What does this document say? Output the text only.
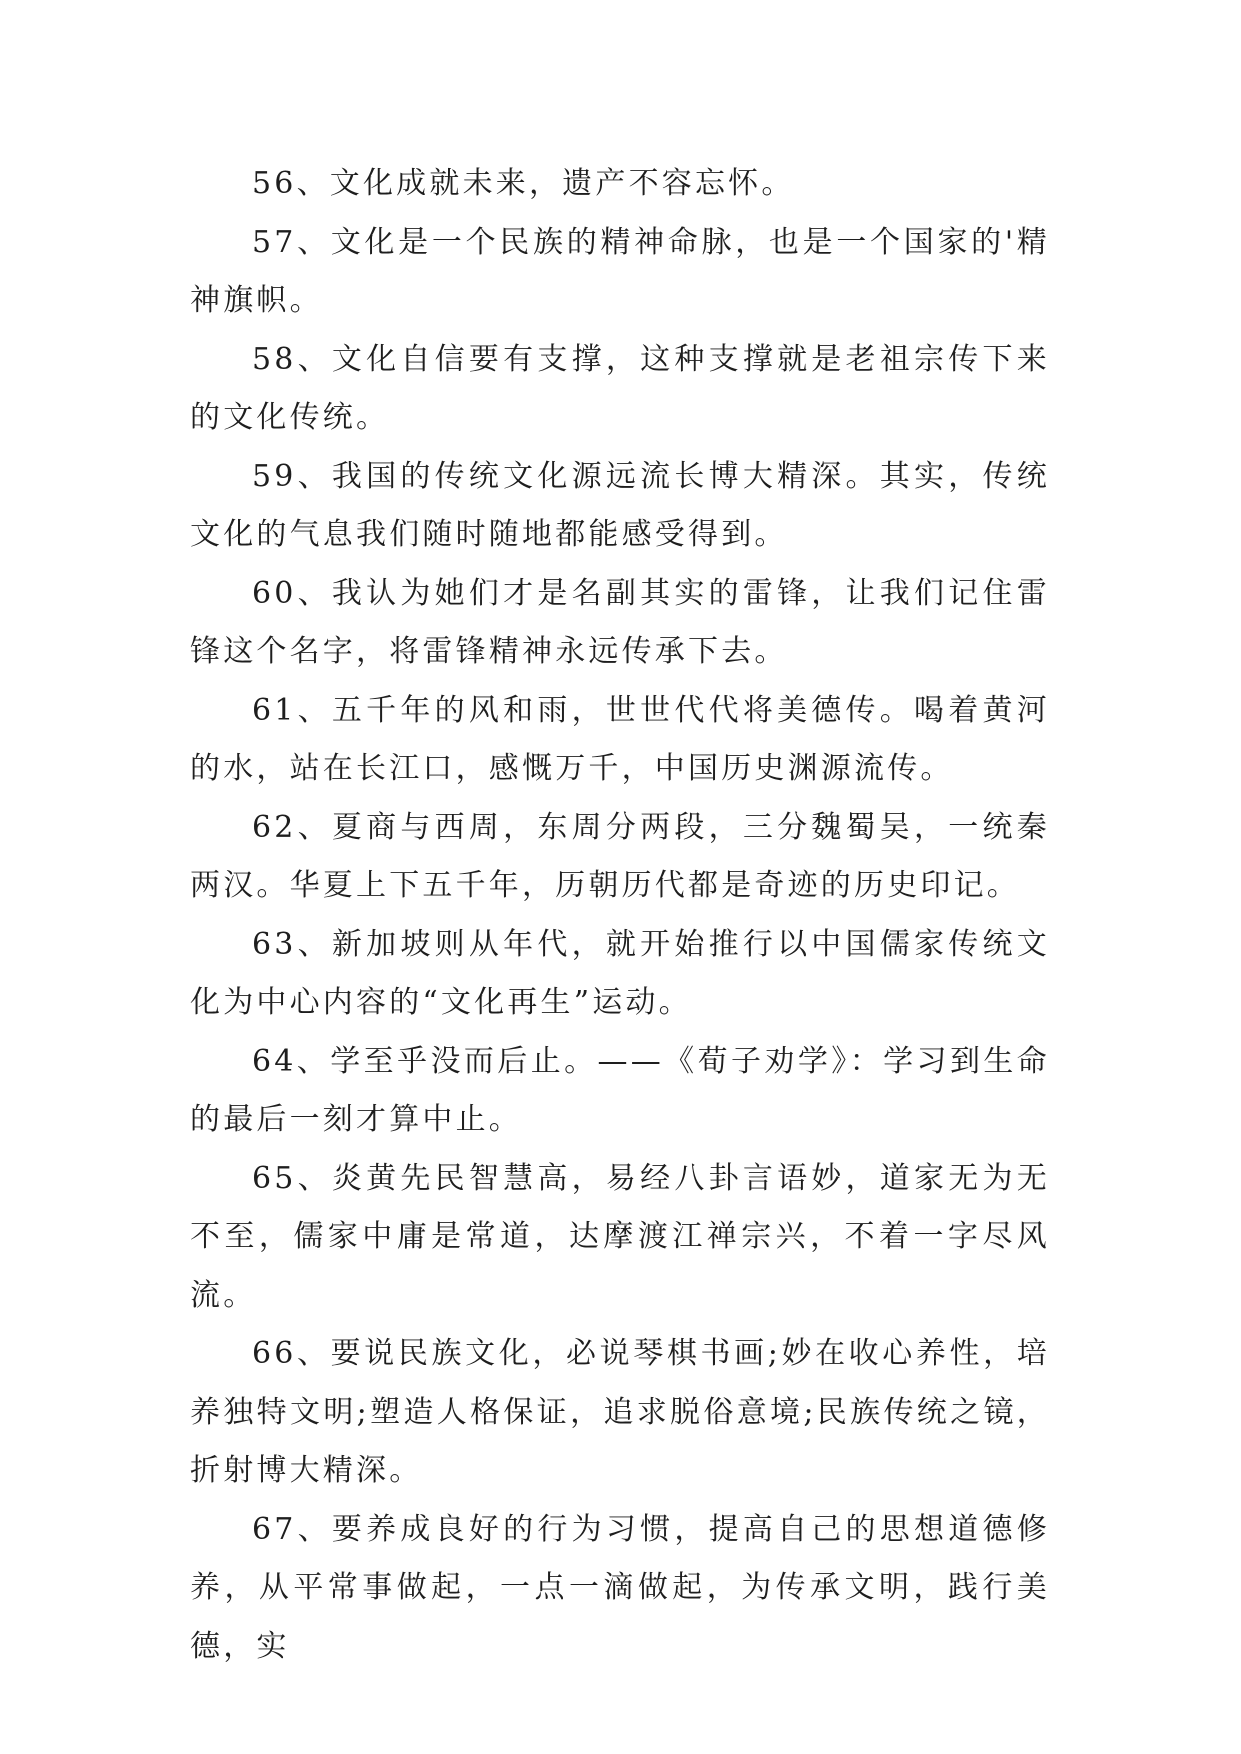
56、文化成就未来，遗产不容忘怀。

57、文化是一个民族的精神命脉，也是一个国家的'精神旗帜。

58、文化自信要有支撑，这种支撑就是老祖宗传下来的文化传统。

59、我国的传统文化源远流长博大精深。其实，传统文化的气息我们随时随地都能感受得到。

60、我认为她们才是名副其实的雷锋，让我们记住雷锋这个名字，将雷锋精神永远传承下去。

61、五千年的风和雨，世世代代将美德传。喝着黄河的水，站在长江口，感慨万千，中国历史渊源流传。

62、夏商与西周，东周分两段，三分魏蜀吴，一统秦两汉。华夏上下五千年，历朝历代都是奇迹的历史印记。

63、新加坡则从年代，就开始推行以中国儒家传统文化为中心内容的“文化再生”运动。

64、学至乎没而后止。——《荀子劝学》：学习到生命的最后一刻才算中止。

65、炎黄先民智慧高，易经八卦言语妙，道家无为无不至，儒家中庸是常道，达摩渡江禅宗兴，不着一字尽风流。

66、要说民族文化，必说琴棋书画;妙在收心养性，培养独特文明;塑造人格保证，追求脱俗意境;民族传统之镜，折射博大精深。

67、要养成良好的行为习惯，提高自己的思想道德修养，从平常事做起，一点一滴做起，为传承文明，践行美德，实
